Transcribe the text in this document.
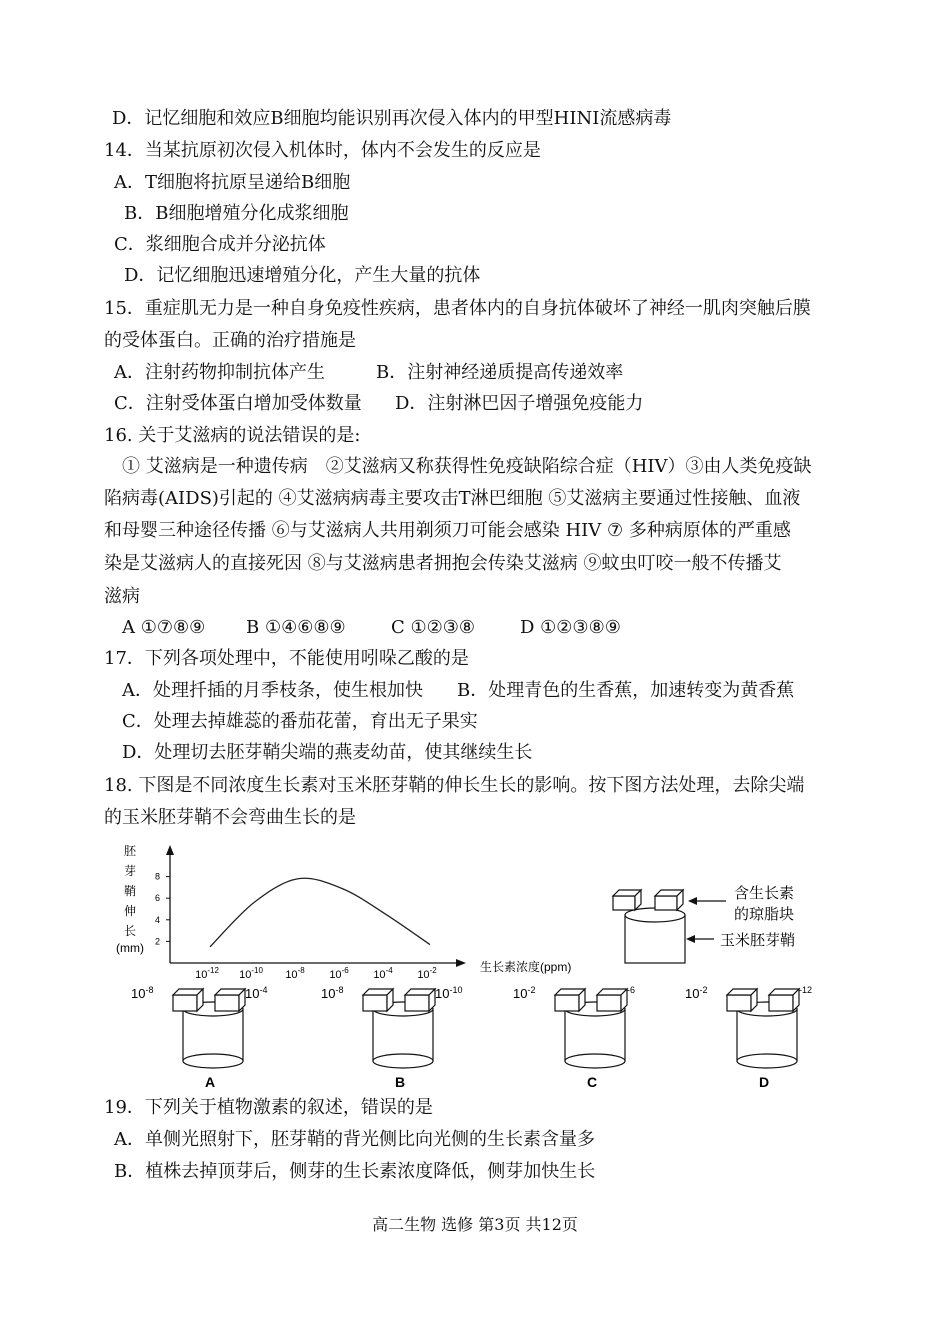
D．记忆细胞和效应B细胞均能识别再次侵入体内的甲型HINI流感病毒
14．当某抗原初次侵入机体时，体内不会发生的反应是
A．T细胞将抗原呈递给B细胞
B．B细胞增殖分化成浆细胞
C．浆细胞合成并分泌抗体
D．记忆细胞迅速增殖分化，产生大量的抗体
15．重症肌无力是一种自身免疫性疾病，患者体内的自身抗体破坏了神经一肌肉突触后膜
的受体蛋白。正确的治疗措施是
A．注射药物抑制抗体产生	B．注射神经递质提高传递效率
C．注射受体蛋白增加受体数量 D．注射淋巴因子增强免疫能力
16. 关于艾滋病的说法错误的是:
① 艾滋病是一种遗传病　②艾滋病又称获得性免疫缺陷综合症（HIV）③由人类免疫缺
陷病毒(AIDS)引起的 ④艾滋病病毒主要攻击T淋巴细胞 ⑤艾滋病主要通过性接触、血液
和母婴三种途径传播 ⑥与艾滋病人共用剃须刀可能会感染 HIV ⑦ 多种病原体的严重感
染是艾滋病人的直接死因 ⑧与艾滋病患者拥抱会传染艾滋病 ⑨蚊虫叮咬一般不传播艾
滋病
A ①⑦⑧⑨ B ①④⑥⑧⑨	C ①②③⑧ D ①②③⑧⑨
17．下列各项处理中，不能使用吲哚乙酸的是
A．处理扦插的月季枝条，使生根加快 B．处理青色的生香蕉，加速转变为黄香蕉
C．处理去掉雄蕊的番茄花蕾，育出无子果实
D．处理切去胚芽鞘尖端的燕麦幼苗，使其继续生长
18. 下图是不同浓度生长素对玉米胚芽鞘的伸长生长的影响。按下图方法处理，去除尖端
的玉米胚芽鞘不会弯曲生长的是
胚
芽
鞘
伸
长
(mm)
8
6
4
2
$10^{-12}$ $10^{-10}$ $10^{-8}$ $10^{-6}$ $10^{-4}$ $10^{-2}$	生长素浓度(ppm)
含生长素
的琼脂块
玉米胚芽鞘
$10^{-8}$	$10^{-4}$
A
$10^{-8}$	$10^{-10}$
B
$10^{-2}$	$^{-6}$
C
$10^{-2}$	$^{-12}$
D
19．下列关于植物激素的叙述，错误的是
A．单侧光照射下，胚芽鞘的背光侧比向光侧的生长素含量多
B．植株去掉顶芽后，侧芽的生长素浓度降低，侧芽加快生长
高二生物 选修 第3页 共12页
